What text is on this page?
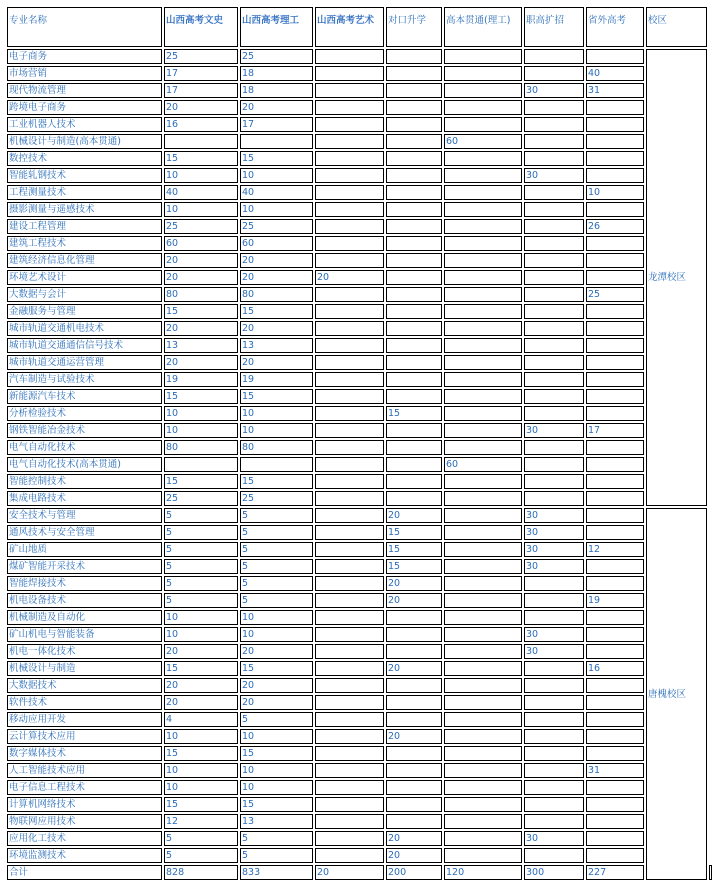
专业名称	山西高考文史	山西高考理工	山西高考艺术	对口升学	高本贯通(理工)	职高扩招	省外高考	校区	
电子商务	25	25						龙潭校区	
市场营销	17	18					40		
现代物流管理	17	18				30	31		
跨境电子商务	20	20							
工业机器人技术	16	17							
机械设计与制造(高本贯通)					60				
数控技术	15	15							
智能轧钢技术	10	10				30			
工程测量技术	40	40					10		
摄影测量与遥感技术	10	10							
建设工程管理	25	25					26		
建筑工程技术	60	60							
建筑经济信息化管理	20	20							
环境艺术设计	20	20	20						
大数据与会计	80	80					25		
金融服务与管理	15	15							
城市轨道交通机电技术	20	20							
城市轨道交通通信信号技术	13	13							
城市轨道交通运营管理	20	20							
汽车制造与试验技术	19	19							
新能源汽车技术	15	15							
分析检验技术	10	10		15					
钢铁智能冶金技术	10	10				30	17		
电气自动化技术	80	80							
电气自动化技术(高本贯通)					60				
智能控制技术	15	15							
集成电路技术	25	25							
安全技术与管理	5	5		20		30		唐槐校区	
通风技术与安全管理	5	5		15		30			
矿山地质	5	5		15		30	12		
煤矿智能开采技术	5	5		15		30			
智能焊接技术	5	5		20					
机电设备技术	5	5		20			19		
机械制造及自动化	10	10							
矿山机电与智能装备	10	10				30			
机电一体化技术	20	20				30			
机械设计与制造	15	15		20			16		
大数据技术	20	20							
软件技术	20	20							
移动应用开发	4	5							
云计算技术应用	10	10		20					
数字媒体技术	15	15							
人工智能技术应用	10	10					31		
电子信息工程技术	10	10							
计算机网络技术	15	15							
物联网应用技术	12	13							
应用化工技术	5	5		20		30			
环境监测技术	5	5		20					
合计	828	833	20	200	120	300	227		
